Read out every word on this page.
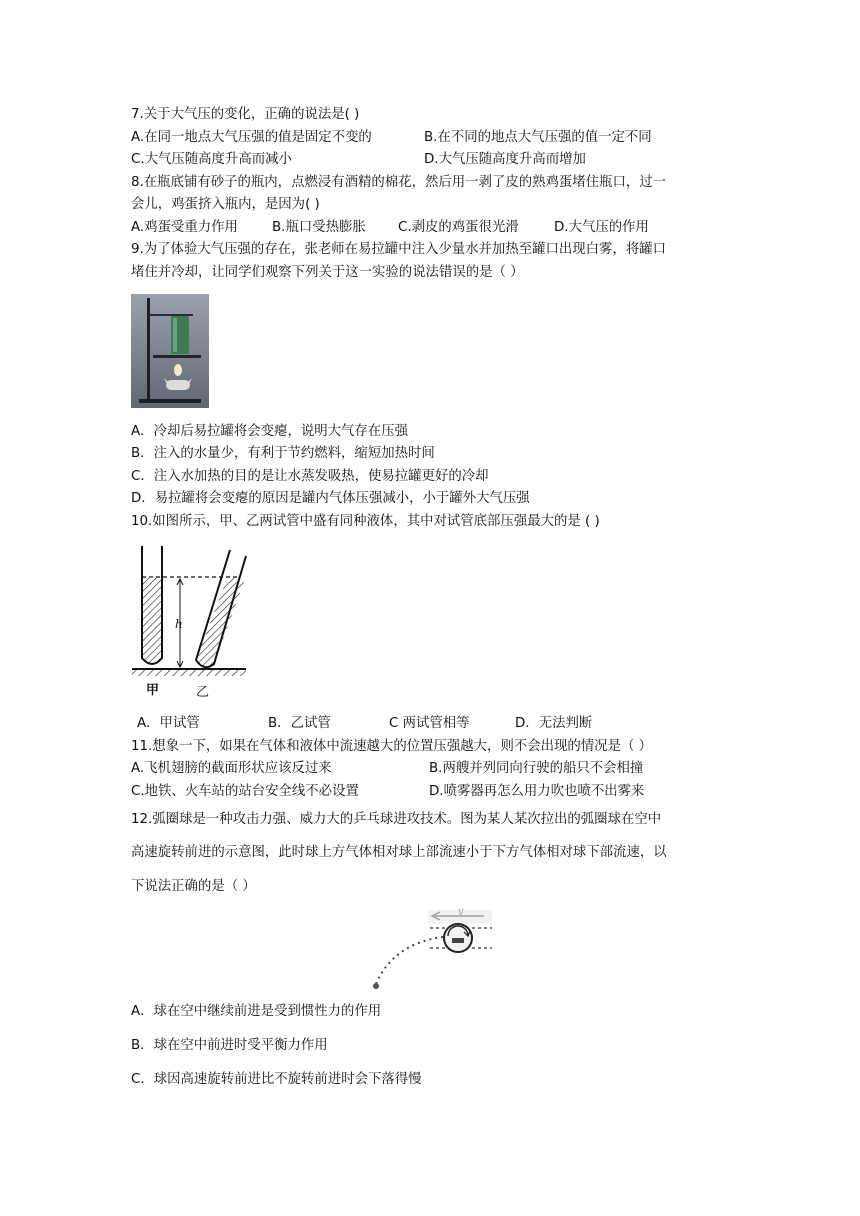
7.关于大气压的变化，正确的说法是( )
A.在同一地点大气压强的值是固定不变的	B.在不同的地点大气压强的值一定不同
C.大气压随高度升高而减小	D.大气压随高度升高而增加
8.在瓶底铺有砂子的瓶内，点燃浸有酒精的棉花，然后用一剥了皮的熟鸡蛋堵住瓶口，过一
会儿，鸡蛋挤入瓶内，是因为( )
A.鸡蛋受重力作用	B.瓶口受热膨胀 C.剥皮的鸡蛋很光滑	D.大气压的作用
9.为了体验大气压强的存在，张老师在易拉罐中注入少量水并加热至罐口出现白雾，将罐口
堵住并冷却，让同学们观察下列关于这一实验的说法错误的是（ ）
A．冷却后易拉罐将会变瘪，说明大气存在压强
B．注入的水量少，有利于节约燃料，缩短加热时间
C．注入水加热的目的是让水蒸发吸热，使易拉罐更好的冷却
D．易拉罐将会变瘪的原因是罐内气体压强减小，小于罐外大气压强
10.如图所示，甲、乙两试管中盛有同种液体，其中对试管底部压强最大的是 ( )
h
甲	乙
A．甲试管	B．乙试管	C 两试管相等	D．无法判断
11.想象一下，如果在气体和液体中流速越大的位置压强越大，则不会出现的情况是（ ）
A.飞机翅膀的截面形状应该反过来	B.两艘并列同向行驶的船只不会相撞
C.地铁、火车站的站台安全线不必设置	D.喷雾器再怎么用力吹也喷不出雾来
12.弧圈球是一种攻击力强、威力大的乒乓球进攻技术。图为某人某次拉出的弧圈球在空中
高速旋转前进的示意图，此时球上方气体相对球上部流速小于下方气体相对球下部流速，以
下说法正确的是（ ）
A．球在空中继续前进是受到惯性力的作用
B．球在空中前进时受平衡力作用
C．球因高速旋转前进比不旋转前进时会下落得慢
